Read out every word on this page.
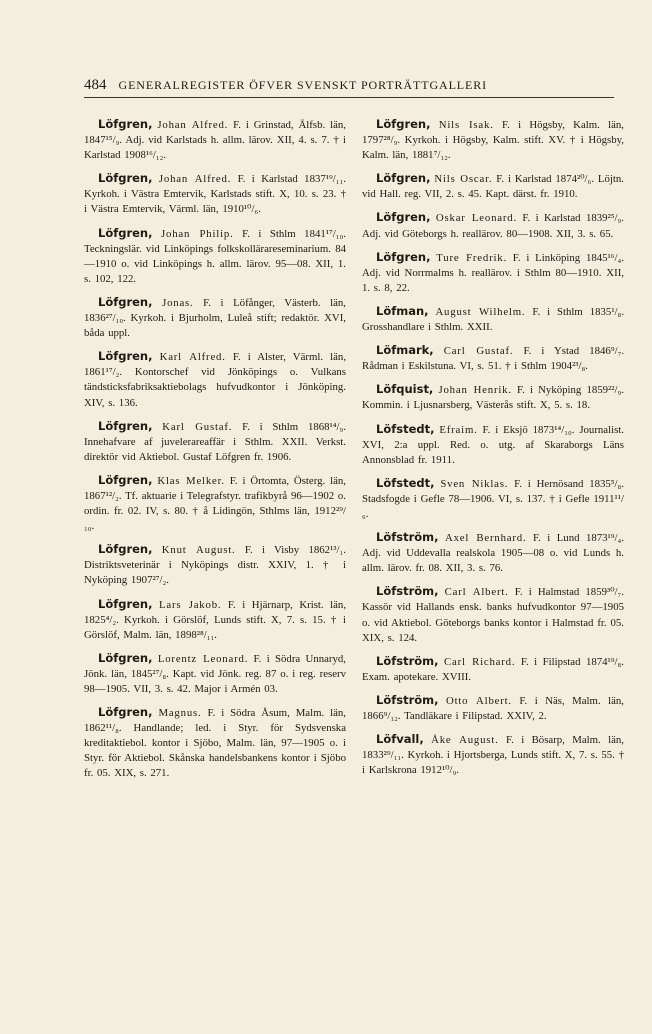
484 GENERALREGISTER ÖFVER SVENSKT PORTRÄTTGALLERI

Löfgren, Johan Alfred. F. i Grinstad, Älfsb. län, 1847¹⁵/₉. Adj. vid Karlstads h. allm. lärov. XII, 4. s. 7. † i Karlstad 1908¹⁶/₁₂.

Löfgren, Johan Alfred. F. i Karlstad 1837¹⁹/₁₁. Kyrkoh. i Västra Emtervik, Karlstads stift. X, 10. s. 23. † i Västra Emtervik, Värml. län, 1910¹⁰/₆.

Löfgren, Johan Philip. F. i Sthlm 1841¹⁷/₁₀. Teckningslär. vid Linköpings folkskollärareseminarium. 84—1910 o. vid Linköpings h. allm. lärov. 95—08. XII, 1. s. 102, 122.

Löfgren, Jonas. F. i Löfånger, Västerb. län, 1836²⁷/₁₀. Kyrkoh. i Bjurholm, Luleå stift; redaktör. XVI, båda uppl.

Löfgren, Karl Alfred. F. i Alster, Värml. län, 1861¹⁷/₂. Kontorschef vid Jönköpings o. Vulkans tändsticksfabriksaktiebolags hufvudkontor i Jönköping. XIV, s. 136.

Löfgren, Karl Gustaf. F. i Sthlm 1868¹⁴/₉. Innehafvare af juvelerareaffär i Sthlm. XXII. Verkst. direktör vid Aktiebol. Gustaf Löfgren fr. 1906.

Löfgren, Klas Melker. F. i Örtomta, Österg. län, 1867¹²/₂. Tf. aktuarie i Telegrafstyr. trafikbyrå 96—1902 o. ordin. fr. 02. IV, s. 80. † å Lidingön, Sthlms län, 1912²⁹/₁₀.

Löfgren, Knut August. F. i Visby 1862¹³/₁. Distriktsveterinär i Nyköpings distr. XXIV, 1. † i Nyköping 1907²⁷/₂.

Löfgren, Lars Jakob. F. i Hjärnarp, Krist. län, 1825⁴/₂. Kyrkoh. i Görslöf, Lunds stift. X, 7. s. 15. † i Görslöf, Malm. län, 1898²⁸/₁₁.

Löfgren, Lorentz Leonard. F. i Södra Unnaryd, Jönk. län, 1845²⁷/₈. Kapt. vid Jönk. reg. 87 o. i reg. reserv 98—1905. VII, 3. s. 42. Major i Armén 03.

Löfgren, Magnus. F. i Södra Åsum, Malm. län, 1862¹¹/₈. Handlande; led. i Styr. för Sydsvenska kreditaktiebol. kontor i Sjöbo, Malm. län, 97—1905 o. i Styr. för Aktiebol. Skånska handelsbankens kontor i Sjöbo fr. 05. XIX, s. 271.

Löfgren, Nils Isak. F. i Högsby, Kalm. län, 1797²⁸/₉. Kyrkoh. i Högsby, Kalm. stift. XV. † i Högsby, Kalm. län, 1881⁷/₁₂.

Löfgren, Nils Oscar. F. i Karlstad 1874²⁰/₆. Löjtn. vid Hall. reg. VII, 2. s. 45. Kapt. därst. fr. 1910.

Löfgren, Oskar Leonard. F. i Karlstad 1839²⁵/₉. Adj. vid Göteborgs h. reallärov. 80—1908. XII, 3. s. 65.

Löfgren, Ture Fredrik. F. i Linköping 1845¹⁶/₄. Adj. vid Norrmalms h. reallärov. i Sthlm 80—1910. XII, 1. s. 8, 22.

Löfman, August Wilhelm. F. i Sthlm 1835¹/₈. Grosshandlare i Sthlm. XXII.

Löfmark, Carl Gustaf. F. i Ystad 1846⁹/₇. Rådman i Eskilstuna. VI, s. 51. † i Sthlm 1904²³/₈.

Löfquist, Johan Henrik. F. i Nyköping 1859²²/₉. Kommin. i Ljusnarsberg, Västerås stift. X, 5. s. 18.

Löfstedt, Efraim. F. i Eksjö 1873¹⁴/₁₀. Journalist. XVI, 2:a uppl. Red. o. utg. af Skaraborgs Läns Annonsblad fr. 1911.

Löfstedt, Sven Niklas. F. i Hernösand 1835⁵/₈. Stadsfogde i Gefle 78—1906. VI, s. 137. † i Gefle 1911¹¹/₆.

Löfström, Axel Bernhard. F. i Lund 1873¹⁹/₄. Adj. vid Uddevalla realskola 1905—08 o. vid Lunds h. allm. lärov. fr. 08. XII, 3. s. 76.

Löfström, Carl Albert. F. i Halmstad 1859³⁰/₇. Kassör vid Hallands ensk. banks hufvudkontor 97—1905 o. vid Aktiebol. Göteborgs banks kontor i Halmstad fr. 05. XIX, s. 124.

Löfström, Carl Richard. F. i Filipstad 1874¹⁹/₈. Exam. apotekare. XVIII.

Löfström, Otto Albert. F. i Näs, Malm. län, 1866⁹/₁₂. Tandläkare i Filipstad. XXIV, 2.

Löfvall, Åke August. F. i Bösarp, Malm. län, 1833²⁹/₁₁. Kyrkoh. i Hjortsberga, Lunds stift. X, 7. s. 55. † i Karlskrona 1912¹⁰/₉.
